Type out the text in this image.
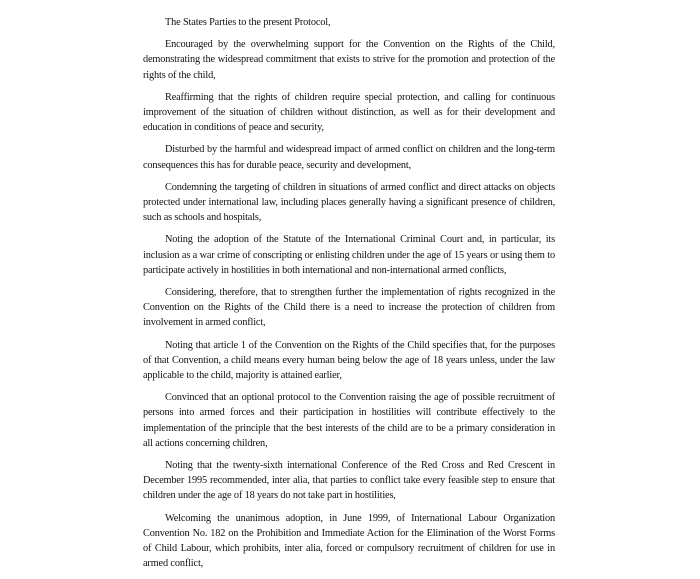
The States Parties to the present Protocol,

Encouraged by the overwhelming support for the Convention on the Rights of the Child, demonstrating the widespread commitment that exists to strive for the promotion and protection of the rights of the child,

Reaffirming that the rights of children require special protection, and calling for continuous improvement of the situation of children without distinction, as well as for their development and education in conditions of peace and security,

Disturbed by the harmful and widespread impact of armed conflict on children and the long-term consequences this has for durable peace, security and development,

Condemning the targeting of children in situations of armed conflict and direct attacks on objects protected under international law, including places generally having a significant presence of children, such as schools and hospitals,

Noting the adoption of the Statute of the International Criminal Court and, in particular, its inclusion as a war crime of conscripting or enlisting children under the age of 15 years or using them to participate actively in hostilities in both international and non-international armed conflicts,

Considering, therefore, that to strengthen further the implementation of rights recognized in the Convention on the Rights of the Child there is a need to increase the protection of children from involvement in armed conflict,

Noting that article 1 of the Convention on the Rights of the Child specifies that, for the purposes of that Convention, a child means every human being below the age of 18 years unless, under the law applicable to the child, majority is attained earlier,

Convinced that an optional protocol to the Convention raising the age of possible recruitment of persons into armed forces and their participation in hostilities will contribute effectively to the implementation of the principle that the best interests of the child are to be a primary consideration in all actions concerning children,

Noting that the twenty-sixth international Conference of the Red Cross and Red Crescent in December 1995 recommended, inter alia, that parties to conflict take every feasible step to ensure that children under the age of 18 years do not take part in hostilities,

Welcoming the unanimous adoption, in June 1999, of International Labour Organization Convention No. 182 on the Prohibition and Immediate Action for the Elimination of the Worst Forms of Child Labour, which prohibits, inter alia, forced or compulsory recruitment of children for use in armed conflict,
